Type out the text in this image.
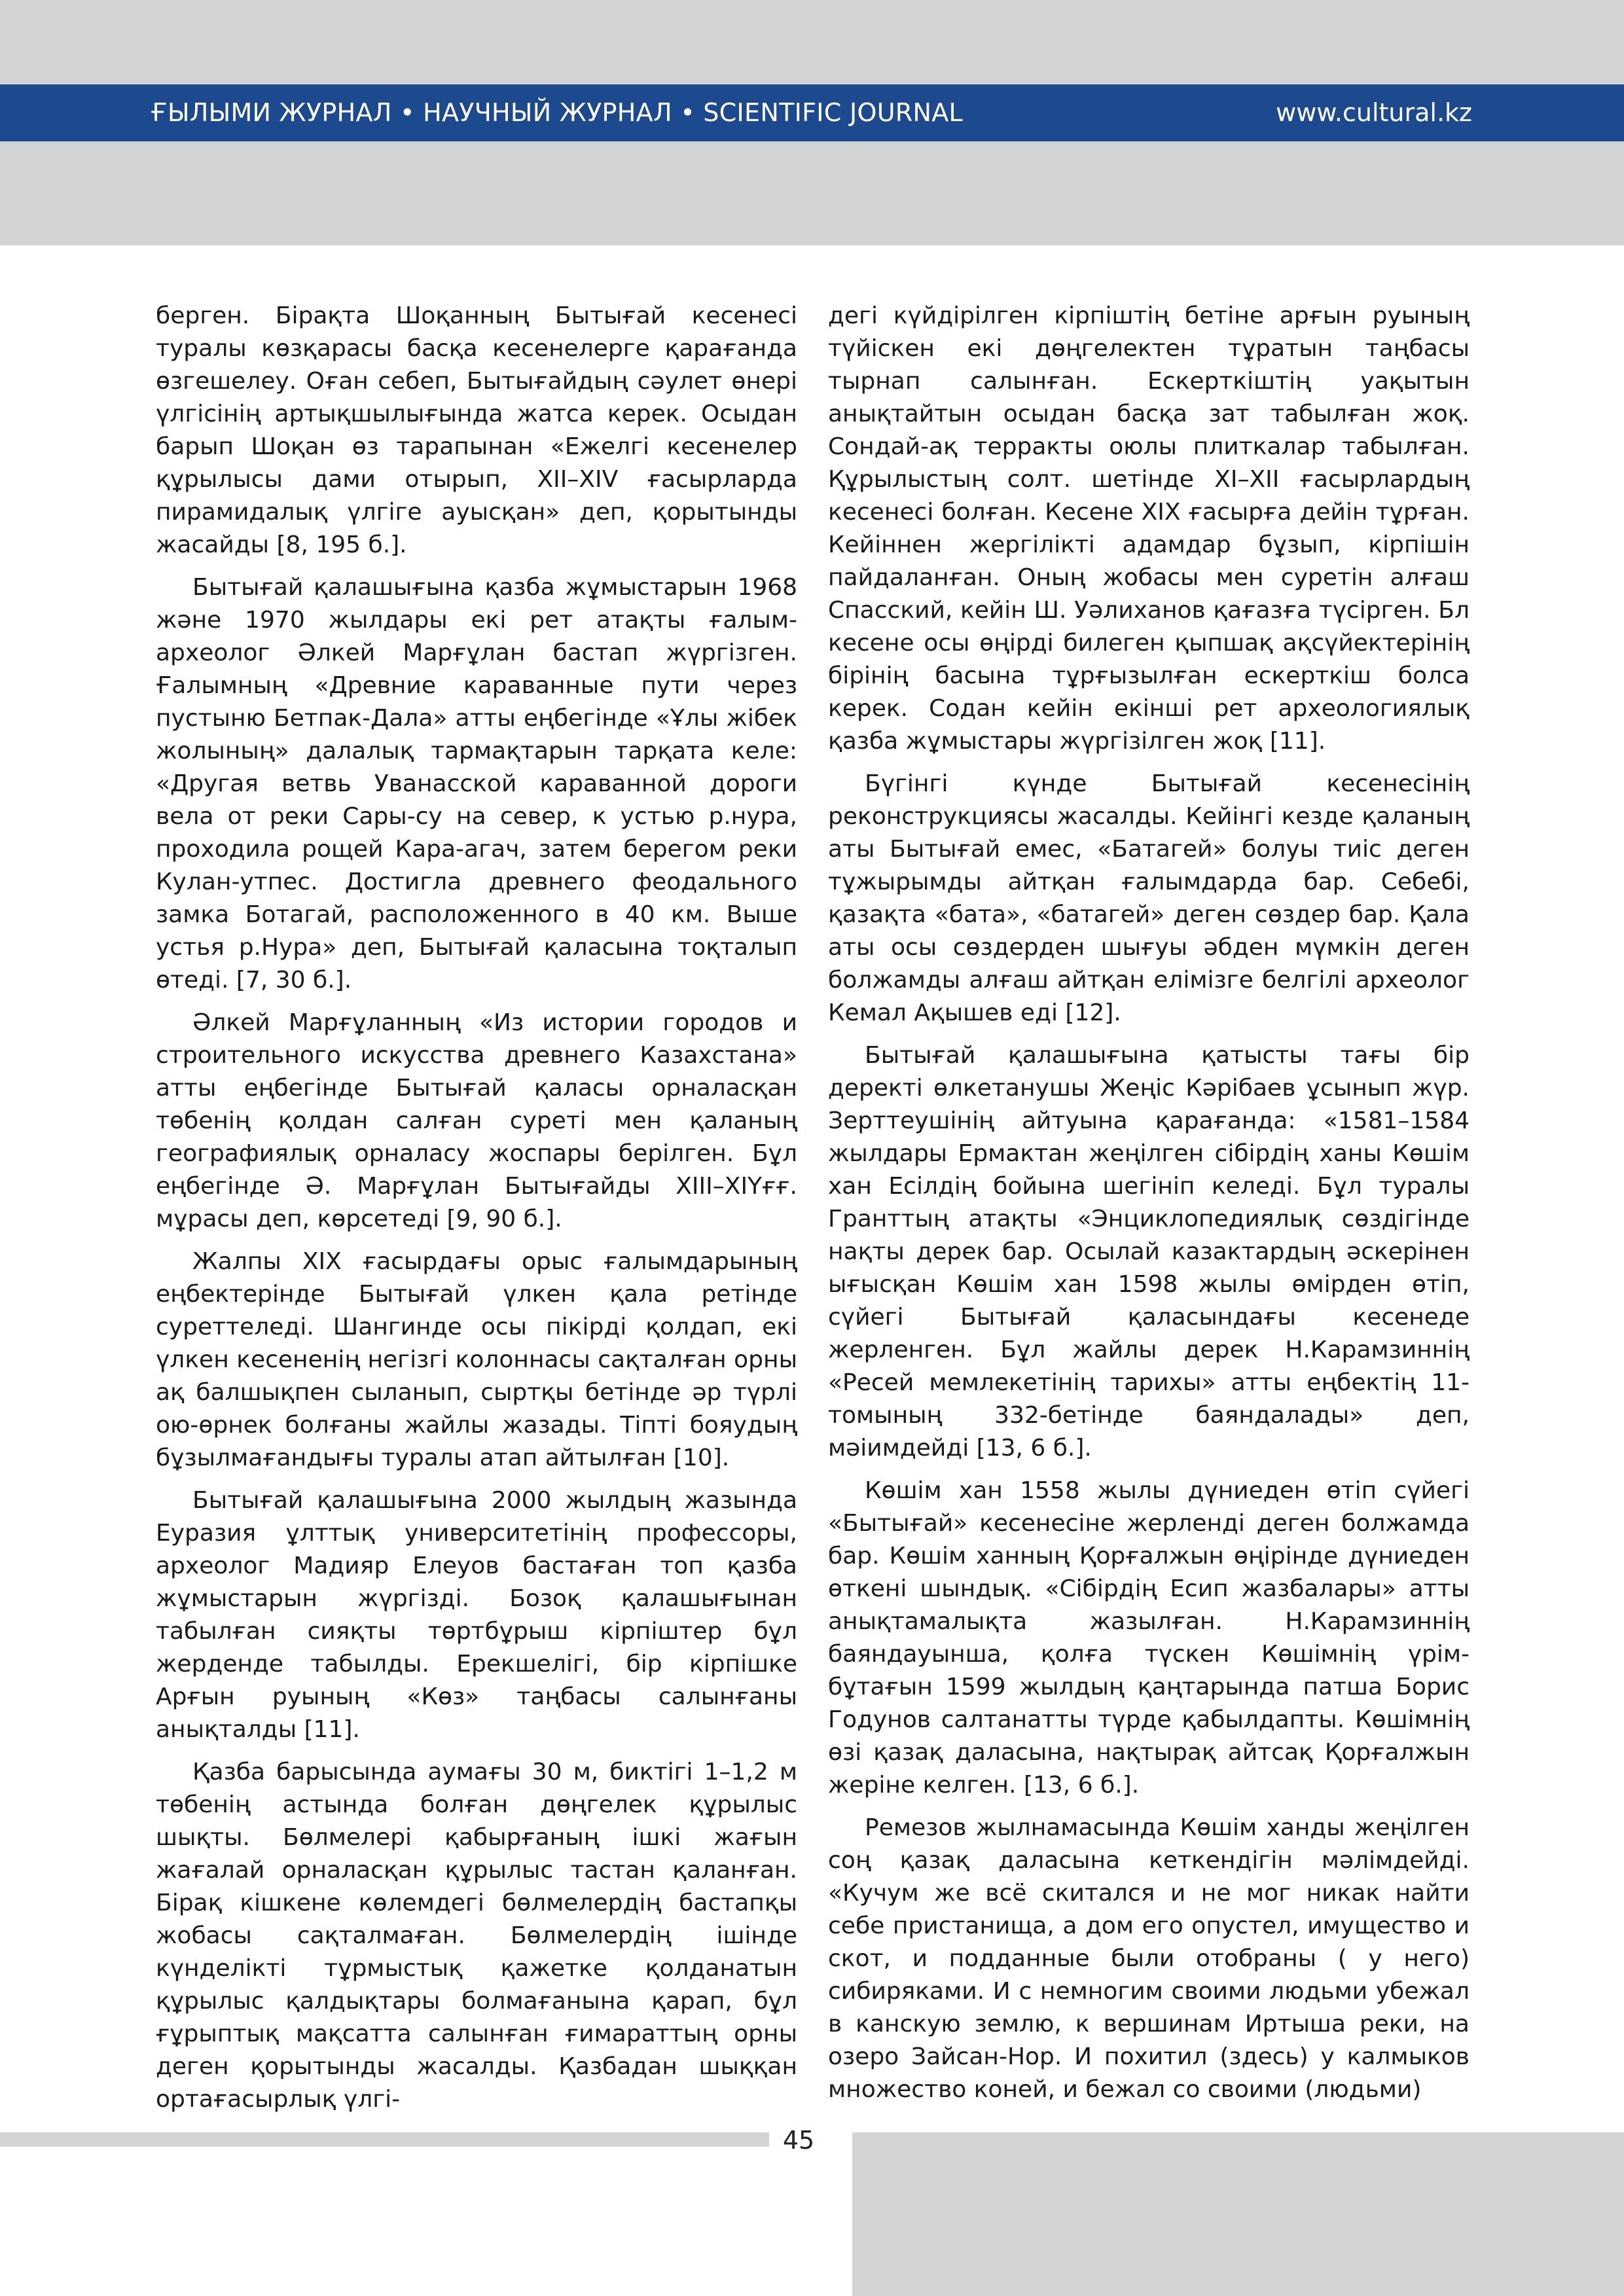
ҒЫЛЫМИ ЖУРНАЛ • НАУЧНЫЙ ЖУРНАЛ • SCIENTIFIC JOURNAL	www.cultural.kz

берген. Бірақта Шоқанның Бытығай кесенесі туралы көзқарасы басқа кесенелерге қарағанда өзгешелеу. Оған себеп, Бытығайдың сәулет өнері үлгісінің артықшылығында жатса керек. Осыдан барып Шоқан өз тарапынан «Ежелгі кесенелер құрылысы дами отырып, XII–XIV ғасырларда пирамидалық үлгіге ауысқан» деп, қорытынды жасайды [8, 195 б.].

Бытығай қалашығына қазба жұмыстарын 1968 және 1970 жылдары екі рет атақты ғалым-археолог Әлкей Марғұлан бастап жүргізген. Ғалымның «Древние караванные пути через пустыню Бетпак-Дала» атты еңбегінде «Ұлы жібек жолының» далалық тармақтарын тарқата келе: «Другая ветвь Уванасской караванной дороги вела от реки Сары-су на север, к устью р.нура, проходила рощей Кара-агач, затем берегом реки Кулан-утпес. Достигла древнего феодального замка Ботагай, расположенного в 40 км. Выше устья р.Нура» деп, Бытығай қаласына тоқталып өтеді. [7, 30 б.].

Әлкей Марғұланның «Из истории городов и строительного искусства древнего Казахстана» атты еңбегінде Бытығай қаласы орналасқан төбенің қолдан салған суреті мен қаланың географиялық орналасу жоспары берілген. Бұл еңбегінде Ә. Марғұлан Бытығайды XIII–XIYғғ. мұрасы деп, көрсетеді [9, 90 б.].

Жалпы XIX ғасырдағы орыс ғалымдарының еңбектерінде Бытығай үлкен қала ретінде суреттеледі. Шангинде осы пікірді қолдап, екі үлкен кесененің негізгі колоннасы сақталған орны ақ балшықпен сыланып, сыртқы бетінде әр түрлі ою-өрнек болғаны жайлы жазады. Тіпті бояудың бұзылмағандығы туралы атап айтылған [10].

Бытығай қалашығына 2000 жылдың жазында Еуразия ұлттық университетінің профессоры, археолог Мадияр Елеуов бастаған топ қазба жұмыстарын жүргізді. Бозоқ қалашығынан табылған сияқты төртбұрыш кірпіштер бұл жерденде табылды. Ерекшелігі, бір кірпішке Арғын руының «Көз» таңбасы салынғаны анықталды [11].

Қазба барысында аумағы 30 м, биктігі 1–1,2 м төбенің астында болған дөңгелек құрылыс шықты. Бөлмелері қабырғаның ішкі жағын жағалай орналасқан құрылыс тастан қаланған. Бірақ кішкене көлемдегі бөлмелердің бастапқы жобасы сақталмаған. Бөлмелердің ішінде күнделікті тұрмыстық қажетке қолданатын құрылыс қалдықтары болмағанына қарап, бұл ғұрыптық мақсатта салынған ғимараттың орны деген қорытынды жасалды. Қазбадан шыққан ортағасырлық үлгі-

дегі күйдірілген кірпіштің бетіне арғын руының түйіскен екі дөңгелектен тұратын таңбасы тырнап салынған. Ескерткіштің уақытын анықтайтын осыдан басқа зат табылған жоқ. Сондай-ақ терракты оюлы плиткалар табылған. Құрылыстың солт. шетінде XI–XII ғасырлардың кесенесі болған. Кесене XIX ғасырға дейін тұрған. Кейіннен жергілікті адамдар бұзып, кірпішін пайдаланған. Оның жобасы мен суретін алғаш Спасский, кейін Ш. Уәлиханов қағазға түсірген. Бл кесене осы өңірді билеген қыпшақ ақсүйектерінің бірінің басына тұрғызылған ескерткіш болса керек. Содан кейін екінші рет археологиялық қазба жұмыстары жүргізілген жоқ [11].

Бүгінгі күнде Бытығай кесенесінің реконструкциясы жасалды. Кейінгі кезде қаланың аты Бытығай емес, «Батагей» болуы тиіс деген тұжырымды айтқан ғалымдарда бар. Себебі, қазақта «бата», «батагей» деген сөздер бар. Қала аты осы сөздерден шығуы әбден мүмкін деген болжамды алғаш айтқан елімізге белгілі археолог Кемал Ақышев еді [12].

Бытығай қалашығына қатысты тағы бір деректі өлкетанушы Жеңіс Кәрібаев ұсынып жүр. Зерттеушінің айтуына қарағанда: «1581–1584 жылдары Ермактан жеңілген сібірдің ханы Көшім хан Есілдің бойына шегініп келеді. Бұл туралы Гранттың атақты «Энциклопедиялық сөздігінде нақты дерек бар. Осылай казактардың әскерінен ығысқан Көшім хан 1598 жылы өмірден өтіп, сүйегі Бытығай қаласындағы кесенеде жерленген. Бұл жайлы дерек Н.Карамзиннің «Ресей мемлекетінің тарихы» атты еңбектің 11-томының 332-бетінде баяндалады» деп, мәіимдейді [13, 6 б.].

Көшім хан 1558 жылы дүниеден өтіп сүйегі «Бытығай» кесенесіне жерленді деген болжамда бар. Көшім ханның Қорғалжын өңірінде дүниеден өткені шындық. «Сібірдің Есип жазбалары» атты анықтамалықта жазылған. Н.Карамзиннің баяндауынша, қолға түскен Көшімнің үрім-бұтағын 1599 жылдың қаңтарында патша Борис Годунов салтанатты түрде қабылдапты. Көшімнің өзі қазақ даласына, нақтырақ айтсақ Қорғалжын жеріне келген. [13, 6 б.].

Ремезов жылнамасында Көшім ханды жеңілген соң қазақ даласына кеткендігін мәлімдейді. «Кучум же всё скитался и не мог никак найти себе пристанища, а дом его опустел, имущество и скот, и подданные были отобраны ( у него) сибиряками. И с немногим своими людьми убежал в канскую землю, к вершинам Иртыша реки, на озеро Зайсан-Нор. И похитил (здесь) у калмыков множество коней, и бежал со своими (людьми)

45
